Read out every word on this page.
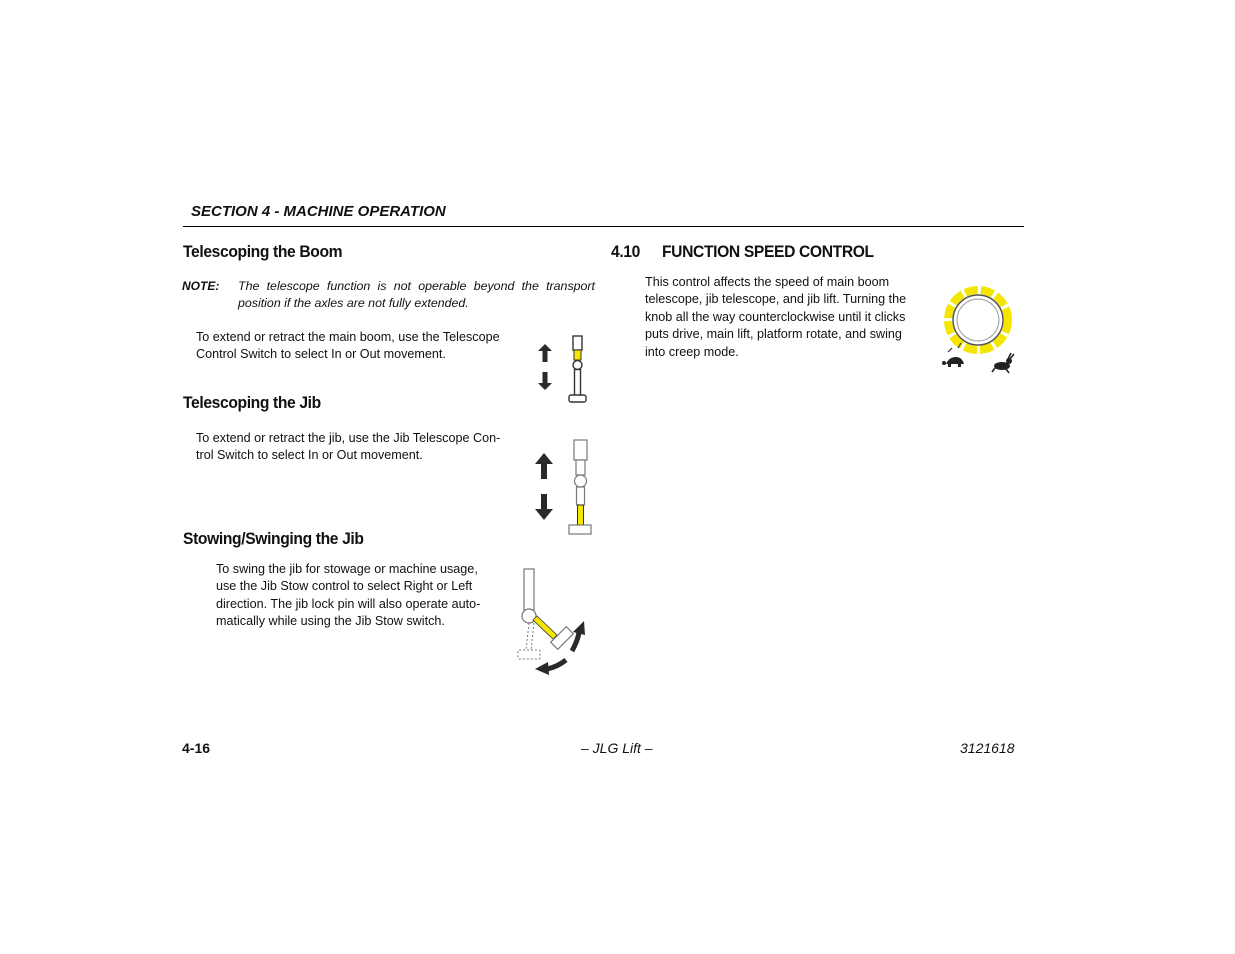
SECTION 4 - MACHINE OPERATION
Telescoping the Boom
NOTE: The telescope function is not operable beyond the transport position if the axles are not fully extended.
To extend or retract the main boom, use the Telescope
Control Switch to select In or Out movement.
Telescoping the Jib
To extend or retract the jib, use the Jib Telescope Con-
trol Switch to select In or Out movement.
Stowing/Swinging the Jib
To swing the jib for stowage or machine usage,
use the Jib Stow control to select Right or Left
direction. The jib lock pin will also operate auto-
matically while using the Jib Stow switch.
4.10 FUNCTION SPEED CONTROL
This control affects the speed of main boom
telescope, jib telescope, and jib lift. Turning the
knob all the way counterclockwise until it clicks
puts drive, main lift, platform rotate, and swing
into creep mode.
4-16	– JLG Lift –	3121618
